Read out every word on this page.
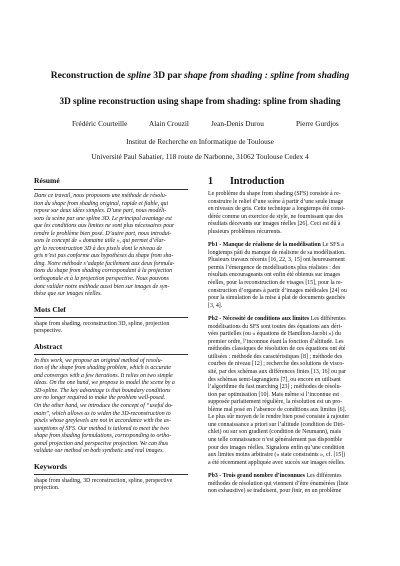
Reconstruction de spline 3D par shape from shading : spline from shading
3D spline reconstruction using shape from shading: spline from shading
Frédéric Courteille	Alain Crouzil	Jean-Denis Durou	Pierre Gurdjos
Institut de Recherche en Informatique de Toulouse
Université Paul Sabatier, 118 route de Narbonne, 31062 Toulouse Cedex 4
Résumé

Dans ce travail, nous proposons une méthode de résolu-

tion du shape from shading original, rapide et fiable, qui

repose sur deux idées simples. D’une part, nous modéli-

sons la scène par une spline 3D. Le principal avantage est

que les conditions aux limites ne sont plus nécessaires pour

rendre le problème bien posé. D’autre part, nous introdui-

sons le concept de « domaine utile », qui permet d’élar-

gir la reconstruction 3D à des pixels dont le niveau de

gris n’est pas conforme aux hypothèses du shape from sha-

ding. Notre méthode s’adapte facilement aux deux formula-

tions du shape from shading correspondant à la projection

orthogonale et à la projection perspective. Nous pouvons

donc valider notre méthode aussi bien sur images de syn-

thèse que sur images réelles.

Mots Clef

shape from shading, reconstruction 3D, spline, projection

perspective.

Abstract

In this work, we propose an original method of resolu-

tion of the shape from shading problem, which is accurate

and converges with a few iterations. It relies on two simple

ideas. On the one hand, we propose to model the scene by a

3D-spline. The key advantage is that boundary conditions

are no longer required to make the problem well-posed.

On the other hand, we introduce the concept of “useful do-

main”, which allows us to widen the 3D-reconstruction to

pixels whose greylevels are not in accordance with the as-

sumptions of SFS. Our method is tailored to meet the two

shape from shading formulations, corresponding to ortho-

gonal projection and perspective projection. We can thus

validate our method on both synthetic and real images.

Keywords

shape from shading, 3D reconstruction, spline, perspective

projection.

1 Introduction

Le problème du shape from shading (SFS) consiste à re-

construire le relief d’une scène à partir d’une seule image

en niveaux de gris. Cette technique a longtemps été consi-

dérée comme un exercice de style, ne fournissant que des

résultats décevants sur images réelles [26]. Ceci est dû à

plusieurs problèmes récurrents.

Pb1 - Manque de réalisme de la modélisation Le SFS a

longtemps pâti du manque de réalisme de sa modélisation.

Plusieurs travaux récents [16, 22, 3, 15] ont heureusement

permis l’émergence de modélisations plus réalistes : des

résultats encourageants ont enfin été obtenus sur images

réelles, pour la reconstruction de visages [15], pour la re-

construction d’organes à partir d’images médicales [24] ou

pour la simulation de la mise à plat de documents gauchés

[3, 4].

Pb2 - Nécessité de conditions aux limites Les différentes

modélisations du SFS sont toutes des équations aux déri-

vées partielles (ou « équations de Hamilton-Jacobi ») du

premier ordre, l’inconnue étant la fonction d’altitude. Les

méthodes classiques de résolution de ces équations ont été

utilisées : méthode des caractéristiques [8] ; méthode des

courbes de niveau [12] ; recherche des solutions de visco-

sité, par des schémas aux différences finies [13, 16] ou par

des schémas semi-lagrangiens [7], ou encore en utilisant

l’algorithme du fast marching [23] ; méthodes de résolu-

tion par optimisation [10]. Mais même si l’inconnue est

supposée parfaitement régulière, la résolution est un pro-

blème mal posé en l’absence de conditions aux limites [6].

Le plus sûr moyen de le rendre bien posé consiste à rajouter

une connaissance a priori sur l’altitude (condition de Diri-

chlet) ou sur son gradient (condition de Neumann), mais

une telle connaissance n’est généralement pas disponible

pour des images réelles. Signalons enfin qu’une condition

aux limites moins arbitraire (« state constraints », cf. [15])

a été récemment appliquée avec succès sur images réelles.

Pb3 - Trois grand nombre d’inconnues Les différentes

méthodes de résolution qui viennent d’être énumérées (liste

non exhaustive) se traduisent, pour finir, en un problème
